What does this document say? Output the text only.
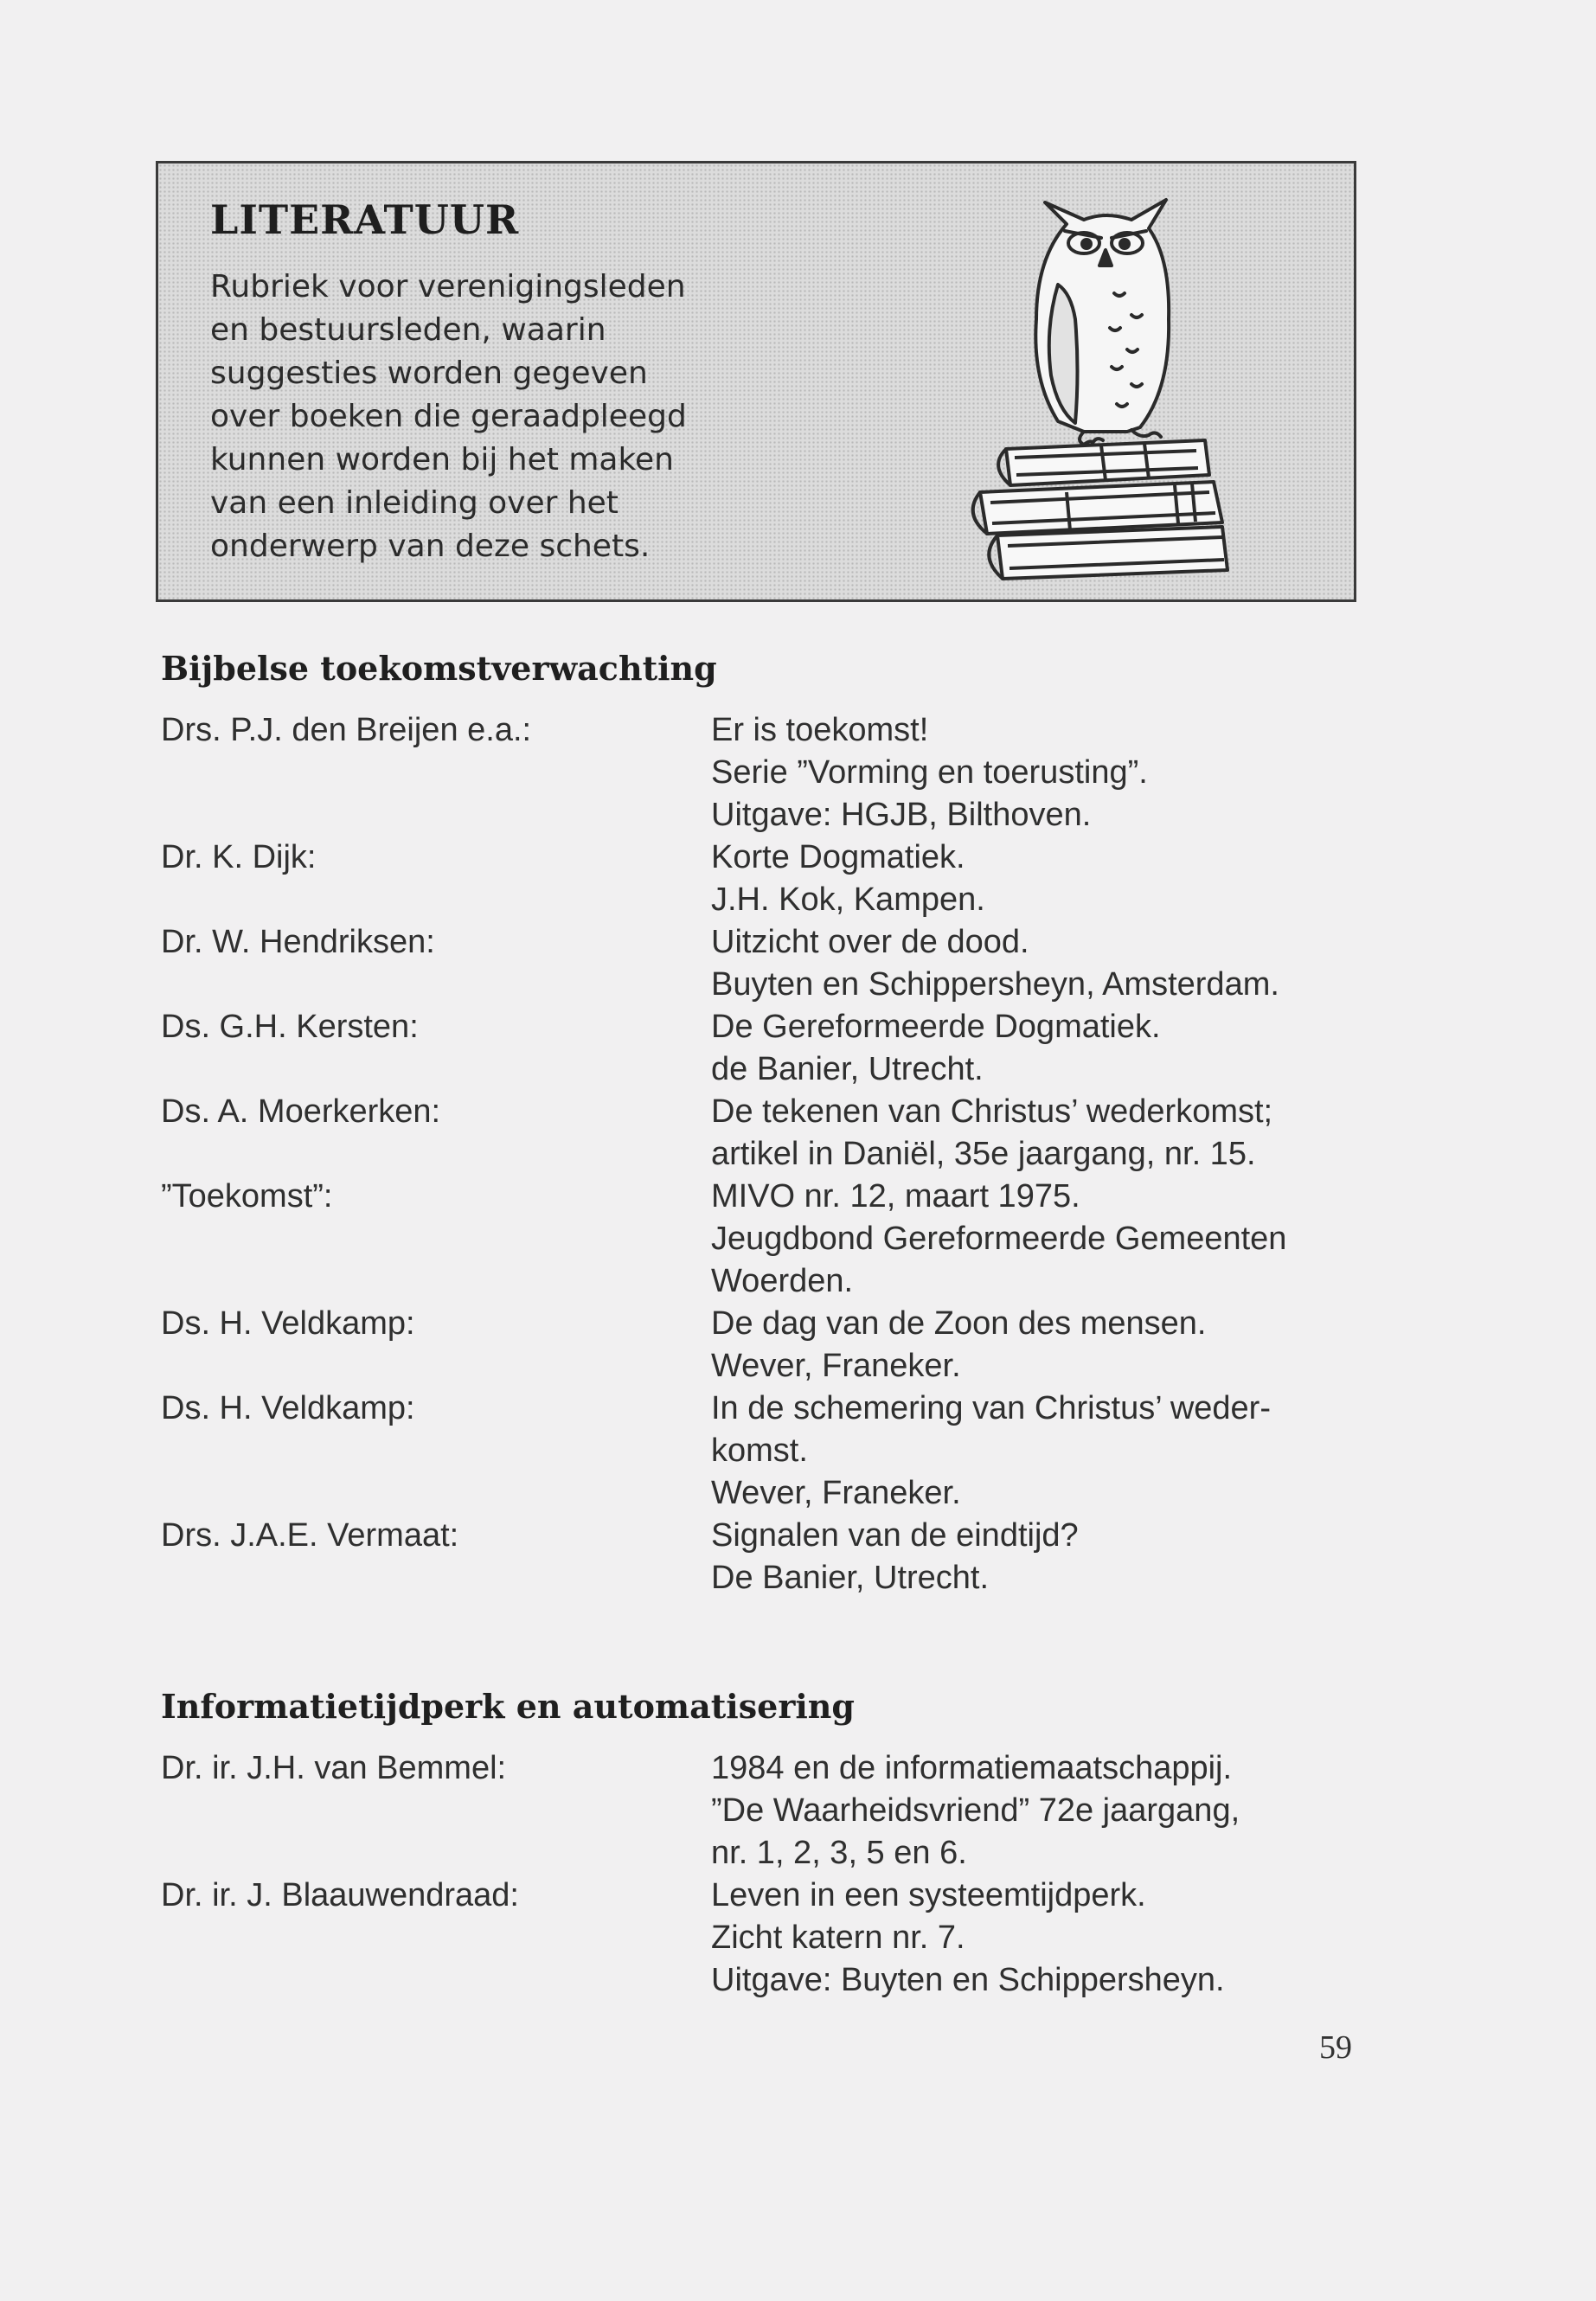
LITERATUUR
Rubriek voor verenigingsleden
en bestuursleden, waarin
suggesties worden gegeven
over boeken die geraadpleegd
kunnen worden bij het maken
van een inleiding over het
onderwerp van deze schets.
Bijbelse toekomstverwachting
Drs. P.J. den Breijen e.a.:	Er is toekomst!
Serie ”Vorming en toerusting”.
Uitgave: HGJB, Bilthoven.
Dr. K. Dijk:	Korte Dogmatiek.
J.H. Kok, Kampen.
Dr. W. Hendriksen:	Uitzicht over de dood.
Buyten en Schippersheyn, Amsterdam.
Ds. G.H. Kersten:	De Gereformeerde Dogmatiek.
de Banier, Utrecht.
Ds. A. Moerkerken:	De tekenen van Christus’ wederkomst;
artikel in Daniël, 35e jaargang, nr. 15.
”Toekomst”:	MIVO nr. 12, maart 1975.
Jeugdbond Gereformeerde Gemeenten
Woerden.
Ds. H. Veldkamp:	De dag van de Zoon des mensen.
Wever, Franeker.
Ds. H. Veldkamp:	In de schemering van Christus’ weder-
komst.
Wever, Franeker.
Drs. J.A.E. Vermaat:	Signalen van de eindtijd?
De Banier, Utrecht.
Informatietijdperk en automatisering
Dr. ir. J.H. van Bemmel:	1984 en de informatiemaatschappij.
”De Waarheidsvriend” 72e jaargang,
nr. 1, 2, 3, 5 en 6.
Dr. ir. J. Blaauwendraad:	Leven in een systeemtijdperk.
Zicht katern nr. 7.
Uitgave: Buyten en Schippersheyn.
59
